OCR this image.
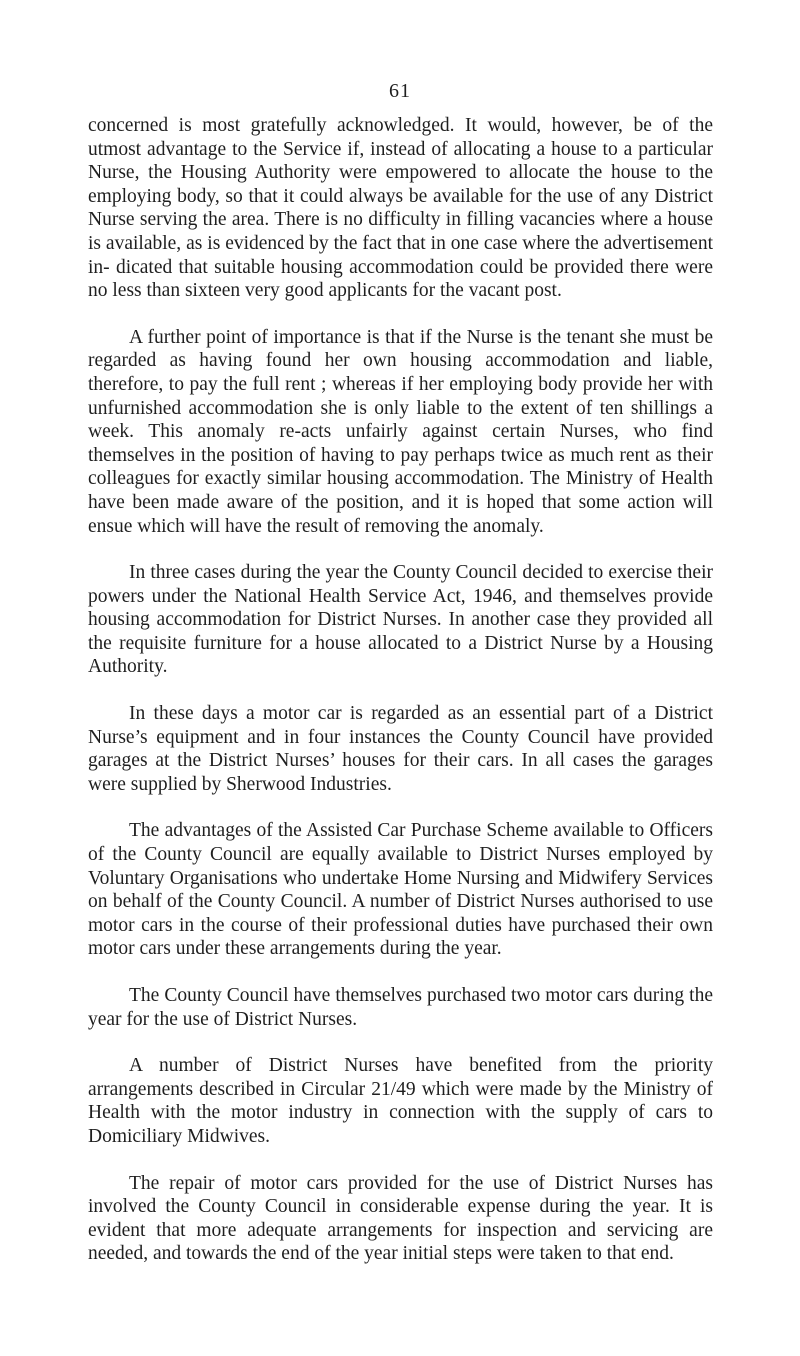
61

concerned is most gratefully acknowledged. It would, however, be of the utmost advantage to the Service if, instead of allocating a house to a particular Nurse, the Housing Authority were empowered to allocate the house to the employing body, so that it could always be available for the use of any District Nurse serving the area. There is no difficulty in filling vacancies where a house is available, as is evidenced by the fact that in one case where the advertisement in- dicated that suitable housing accommodation could be provided there were no less than sixteen very good applicants for the vacant post.

A further point of importance is that if the Nurse is the tenant she must be regarded as having found her own housing accommodation and liable, therefore, to pay the full rent ; whereas if her employing body provide her with unfurnished accommodation she is only liable to the extent of ten shillings a week. This anomaly re-acts unfairly against certain Nurses, who find themselves in the position of having to pay perhaps twice as much rent as their colleagues for exactly similar housing accommodation. The Ministry of Health have been made aware of the position, and it is hoped that some action will ensue which will have the result of removing the anomaly.

In three cases during the year the County Council decided to exercise their powers under the National Health Service Act, 1946, and themselves provide housing accommodation for District Nurses. In another case they provided all the requisite furniture for a house allocated to a District Nurse by a Housing Authority.

In these days a motor car is regarded as an essential part of a District Nurse’s equipment and in four instances the County Council have provided garages at the District Nurses’ houses for their cars. In all cases the garages were supplied by Sherwood Industries.

The advantages of the Assisted Car Purchase Scheme available to Officers of the County Council are equally available to District Nurses employed by Voluntary Organisations who undertake Home Nursing and Midwifery Services on behalf of the County Council. A number of District Nurses authorised to use motor cars in the course of their professional duties have purchased their own motor cars under these arrangements during the year.

The County Council have themselves purchased two motor cars during the year for the use of District Nurses.

A number of District Nurses have benefited from the priority arrangements described in Circular 21/49 which were made by the Ministry of Health with the motor industry in connection with the supply of cars to Domiciliary Midwives.

The repair of motor cars provided for the use of District Nurses has involved the County Council in considerable expense during the year. It is evident that more adequate arrangements for inspection and servicing are needed, and towards the end of the year initial steps were taken to that end.
